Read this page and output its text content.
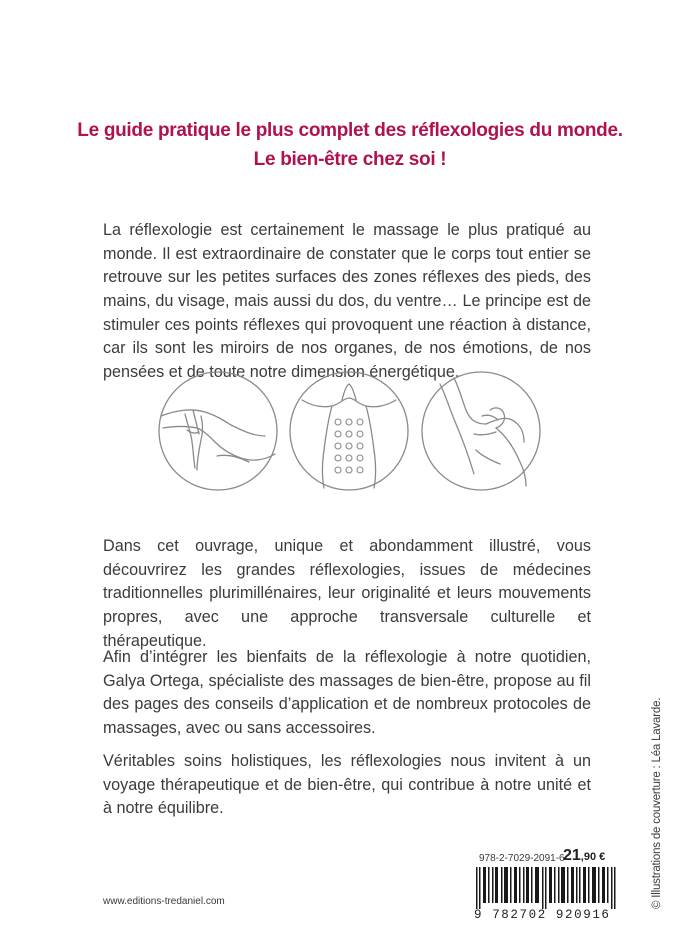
Le guide pratique le plus complet des réflexologies du monde.
Le bien-être chez soi !

La réflexologie est certainement le massage le plus pratiqué au monde. Il est extraordinaire de constater que le corps tout entier se retrouve sur les petites surfaces des zones réflexes des pieds, des mains, du visage, mais aussi du dos, du ventre… Le principe est de stimuler ces points réflexes qui provoquent une réaction à distance, car ils sont les miroirs de nos organes, de nos émotions, de nos pensées et de toute notre dimension énergétique.

Dans cet ouvrage, unique et abondamment illustré, vous découvrirez les grandes réflexologies, issues de médecines traditionnelles plurimillénaires, leur originalité et leurs mouvements propres, avec une approche transversale culturelle et thérapeutique.

Afin d’intégrer les bienfaits de la réflexologie à notre quotidien, Galya Ortega, spécialiste des massages de bien-être, propose au fil des pages des conseils d’application et de nombreux protocoles de massages, avec ou sans accessoires.

Véritables soins holistiques, les réflexologies nous invitent à un voyage thérapeutique et de bien-être, qui contribue à notre unité et à notre équilibre.	© Illustrations de couverture : Léa Lavarde.
www.editions-tredaniel.com
978-2-7029-2091-6
21,90 €
9 782702 920916
